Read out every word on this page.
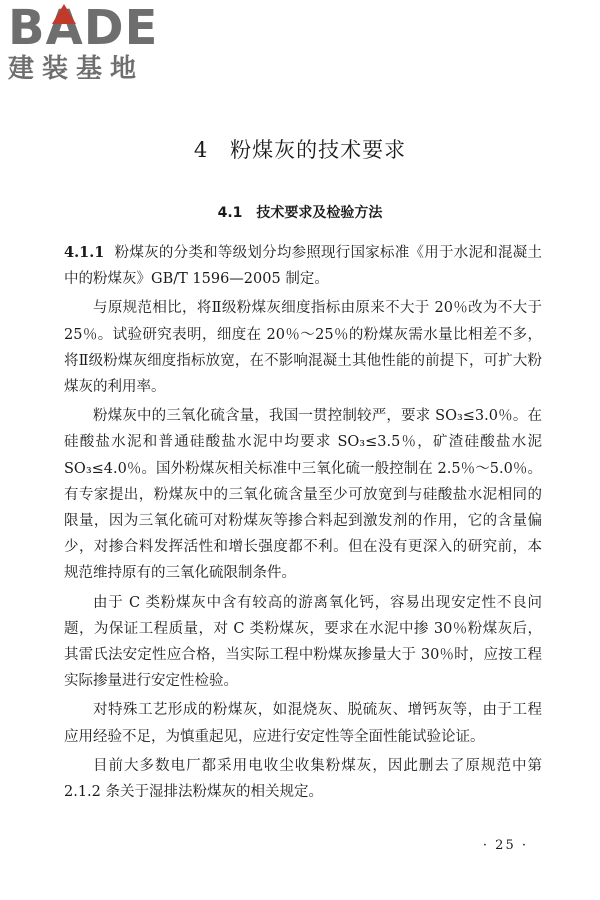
BADE
建装基地
4　粉煤灰的技术要求
4.1　技术要求及检验方法

4.1.1 粉煤灰的分类和等级划分均参照现行国家标准《用于水泥和混凝土中的粉煤灰》GB/T 1596—2005 制定。

与原规范相比，将Ⅱ级粉煤灰细度指标由原来不大于 20％改为不大于 25％。试验研究表明，细度在 20％～25％的粉煤灰需水量比相差不多，将Ⅱ级粉煤灰细度指标放宽，在不影响混凝土其他性能的前提下，可扩大粉煤灰的利用率。

粉煤灰中的三氧化硫含量，我国一贯控制较严，要求 SO₃≤3.0％。在硅酸盐水泥和普通硅酸盐水泥中均要求 SO₃≤3.5％，矿渣硅酸盐水泥 SO₃≤4.0％。国外粉煤灰相关标准中三氧化硫一般控制在 2.5％～5.0％。有专家提出，粉煤灰中的三氧化硫含量至少可放宽到与硅酸盐水泥相同的限量，因为三氧化硫可对粉煤灰等掺合料起到激发剂的作用，它的含量偏少，对掺合料发挥活性和增长强度都不利。但在没有更深入的研究前，本规范维持原有的三氧化硫限制条件。

由于 C 类粉煤灰中含有较高的游离氧化钙，容易出现安定性不良问题，为保证工程质量，对 C 类粉煤灰，要求在水泥中掺 30％粉煤灰后，其雷氏法安定性应合格，当实际工程中粉煤灰掺量大于 30％时，应按工程实际掺量进行安定性检验。

对特殊工艺形成的粉煤灰，如混烧灰、脱硫灰、增钙灰等，由于工程应用经验不足，为慎重起见，应进行安定性等全面性能试验论证。

目前大多数电厂都采用电收尘收集粉煤灰，因此删去了原规范中第 2.1.2 条关于湿排法粉煤灰的相关规定。

· 25 ·
